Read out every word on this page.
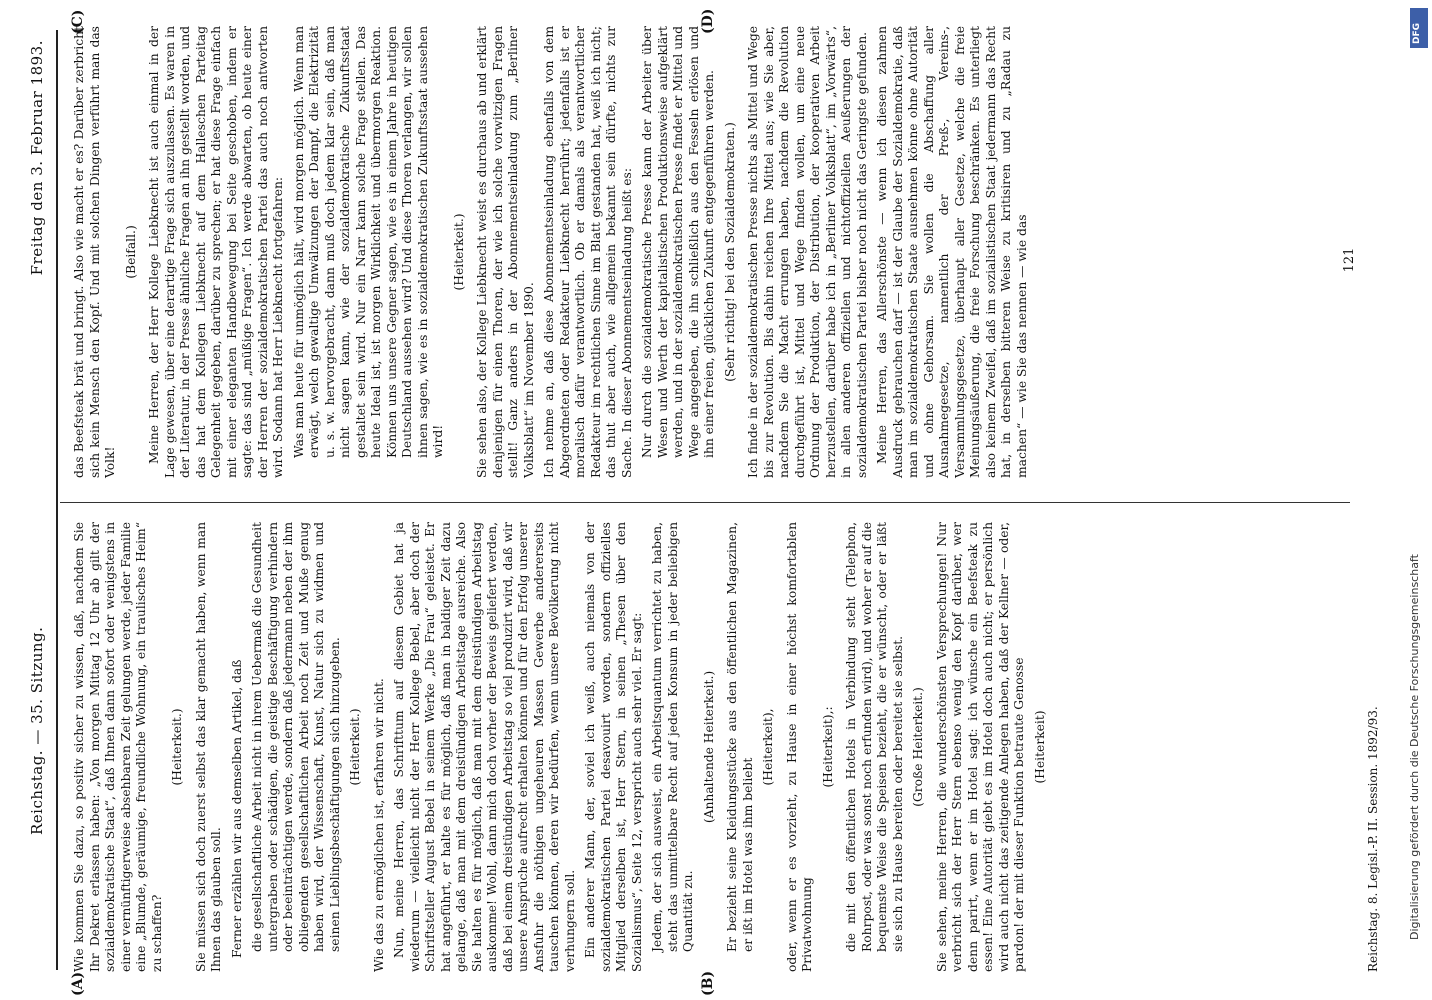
Reichstag. — 35. Sitzung.
Freitag den 3. Februar 1893.
(A)	(B)
(C)	(D)

Wie kommen Sie dazu, so positiv sicher zu wissen, daß, nachdem Sie Ihr Dekret erlassen haben: „Von morgen Mittag 12 Uhr ab gilt der sozialdemokratische Staat“, daß Ihnen dann sofort oder wenigstens in einer vernünftigerweise absehbaren Zeit gelungen werde, jeder Familie eine „Blumde, geräumige, freundliche Wohnung, ein traulisches Heim“ zu schaffen?

(Heiterkeit.) Sie müssen sich doch zuerst selbst das klar gemacht haben, wenn man Ihnen das glauben soll. Ferner erzählen wir aus demselben Artikel, daß die gesellschaftliche Arbeit nicht in ihrem Uebermaß die Gesundheit untergraben oder schädigen, die geistige Beschäftigung verhindern oder beeinträchtigen werde, sondern daß jedermann neben der ihm obliegenden gesellschaftlichen Arbeit noch Zeit und Muße genug haben wird, der Wissenschaft, Kunst, Natur sich zu widmen und seinen Lieblingsbeschäftigungen sich hinzugeben. (Heiterkeit.) Wie das zu ermöglichen ist, erfahren wir nicht. Nun, meine Herren, das Schrifttum auf diesem Gebiet hat ja wiederum — vielleicht nicht der Herr Kollege Bebel, aber doch der Schriftsteller August Bebel in seinem Werke „Die Frau“ geleistet. Er hat angeführt, er halte es für möglich, daß man in baldiger Zeit dazu gelange, daß man mit dem dreistündigen Arbeitstage ausreiche. Also Sie halten es für möglich, daß man mit dem dreistündigen Arbeitstag auskomme! Wohl, dann mich doch vorher der Beweis geliefert werden, daß bei einem dreistündigen Arbeitstag so viel produzirt wird, daß wir unsere Ansprüche aufrecht erhalten können und für den Erfolg unserer Ansfuhr die nöthigen ungeheuren Massen Gewerbe andererseits tauschen können, deren wir bedürfen, wenn unsere Bevölkerung nicht verhungern soll. Ein anderer Mann, der, soviel ich weiß, auch niemals von der sozialdemokratischen Partei desavouirt worden, sondern offizielles Mitglied derselben ist, Herr Stern, in seinen „Thesen über den Sozialismus“, Seite 12, verspricht auch sehr viel. Er sagt: Jedem, der sich ausweist, ein Arbeitsquantum verrichtet zu haben, steht das unmittelbare Recht auf jeden Konsum in jeder beliebigen Quantität zu.

(Anhaltende Heiterkeit.) Er bezieht seine Kleidungsstücke aus den öffentlichen Magazinen, er ißt im Hotel was ihm beliebt

(Heiterkeit), oder, wenn er es vorzieht, zu Hause in einer höchst komfortablen Privatwohnung

(Heiterkeit),: die mit den öffentlichen Hotels in Verbindung steht (Telephon, Rohrpost, oder was sonst noch erfunden wird), und woher er auf die bequemste Weise die Speisen bezieht, die er wünscht, oder er läßt sie sich zu Hause bereiten oder bereitet sie selbst. (Große Heiterkeit.) Sie sehen, meine Herren, die wunderschönsten Versprechungen! Nur verbricht sich der Herr Stern ebenso wenig den Kopf darüber, wer denn parirt, wenn er im Hotel sagt: ich wünsche ein Beefsteak zu essen! Eine Autorität giebt es im Hotel doch auch nicht; er persönlich wird auch nicht das zeitigende Anlegen haben, daß der Kellner — oder, pardon! der mit dieser Funktion betraute Genosse (Heiterkeit)

das Beefsteak brät und bringt. Also wie macht er es? Darüber zerbricht sich kein Mensch den Kopf. Und mit solchen Dingen verführt man das Volk!

(Beifall.) Meine Herren, der Herr Kollege Liebknecht ist auch einmal in der Lage gewesen, über eine derartige Frage sich auszulassen. Es waren in der Literatur, in der Presse ähnliche Fragen an ihn gestellt worden, und das hat dem Kollegen Liebknecht auf dem Halleschen Parteitag Gelegenheit gegeben, darüber zu sprechen; er hat diese Frage einfach mit einer eleganten Handbewegung bei Seite geschoben, indem er sagte: das sind „müßige Fragen“. Ich werde abwarten, ob heute einer der Herren der sozialdemokratischen Partei das auch noch antworten wird. Sodann hat Herr Liebknecht fortgefahren: Was man heute für unmöglich hält, wird morgen möglich. Wenn man erwägt, welch gewaltige Umwälzungen der Dampf, die Elektrizität u. s. w. hervorgebracht, dann muß doch jedem klar sein, daß man nicht sagen kann, wie der sozialdemokratische Zukunftsstaat gestaltet sein wird. Nur ein Narr kann solche Frage stellen. Das heute Ideal ist, ist morgen Wirklichkeit und übermorgen Reaktion. Können uns unsere Gegner sagen, wie es in einem Jahre in heutigen Deutschland aussehen wird? Und diese Thoren verlangen, wir sollen ihnen sagen, wie es in sozialdemokratischen Zukunftsstaat aussehen wird!

(Heiterkeit.) Sie sehen also, der Kollege Liebknecht weist es durchaus ab und erklärt denjenigen für einen Thoren, der wie ich solche vorwitzigen Fragen stellt! Ganz anders in der Abonnementseinladung zum „Berliner Volksblatt“ im November 1890. Ich nehme an, daß diese Abonnementseinladung ebenfalls von dem Abgeordneten oder Redakteur Liebknecht herrührt; jedenfalls ist er moralisch dafür verantwortlich. Ob er damals als verantwortlicher Redakteur im rechtlichen Sinne im Blatt gestanden hat, weiß ich nicht; das thut aber auch, wie allgemein bekannt sein dürfte, nichts zur Sache. In dieser Abonnementseinladung heißt es: Nur durch die sozialdemokratische Presse kann der Arbeiter über Wesen und Werth der kapitalistischen Produktionsweise aufgeklärt werden, und in der sozialdemokratischen Presse findet er Mittel und Wege angegeben, die ihn schließlich aus den Fesseln erlösen und ihn einer freien, glücklichen Zukunft entgegenführen werden. (Sehr richtig! bei den Sozialdemokraten.) Ich finde in der sozialdemokratischen Presse nichts als Mittel und Wege bis zur Revolution. Bis dahin reichen Ihre Mittel aus; wie Sie aber, nachdem Sie die Macht errungen haben, nachdem die Revolution durchgeführt ist, Mittel und Wege finden wollen, um eine neue Ordnung der Produktion, der Distribution, der kooperativen Arbeit herzustellen, darüber habe ich in „Berliner Volksblatt“, im „Vorwärts“, in allen anderen offiziellen und nichtoffiziellen Aeußerungen der sozialdemokratischen Partei bisher noch nicht das Geringste gefunden. Meine Herren, das Allerschönste — wenn ich diesen zahmen Ausdruck gebrauchen darf — ist der Glaube der Sozialdemokratie, daß man im sozialdemokratischen Staate ausnehmen könne ohne Autorität und ohne Gehorsam. Sie wollen die Abschaffung aller Ausnahmegesetze, namentlich der Preß-, Vereins-, Versammlungsgesetze, überhaupt aller Gesetze, welche die freie Meinungsäußerung, die freie Forschung beschränken. Es unterliegt also keinem Zweifel, daß im sozialistischen Staat jedermann das Recht hat, in derselben bitteren Weise zu kritisiren und zu „Radau zu machen“ — wie Sie das nennen — wie das

Reichstag. 8. Legisl.-P. II. Session. 1892/93.
121
Digitalisierung gefördert durch die Deutsche Forschungsgemeinschaft
DFG
